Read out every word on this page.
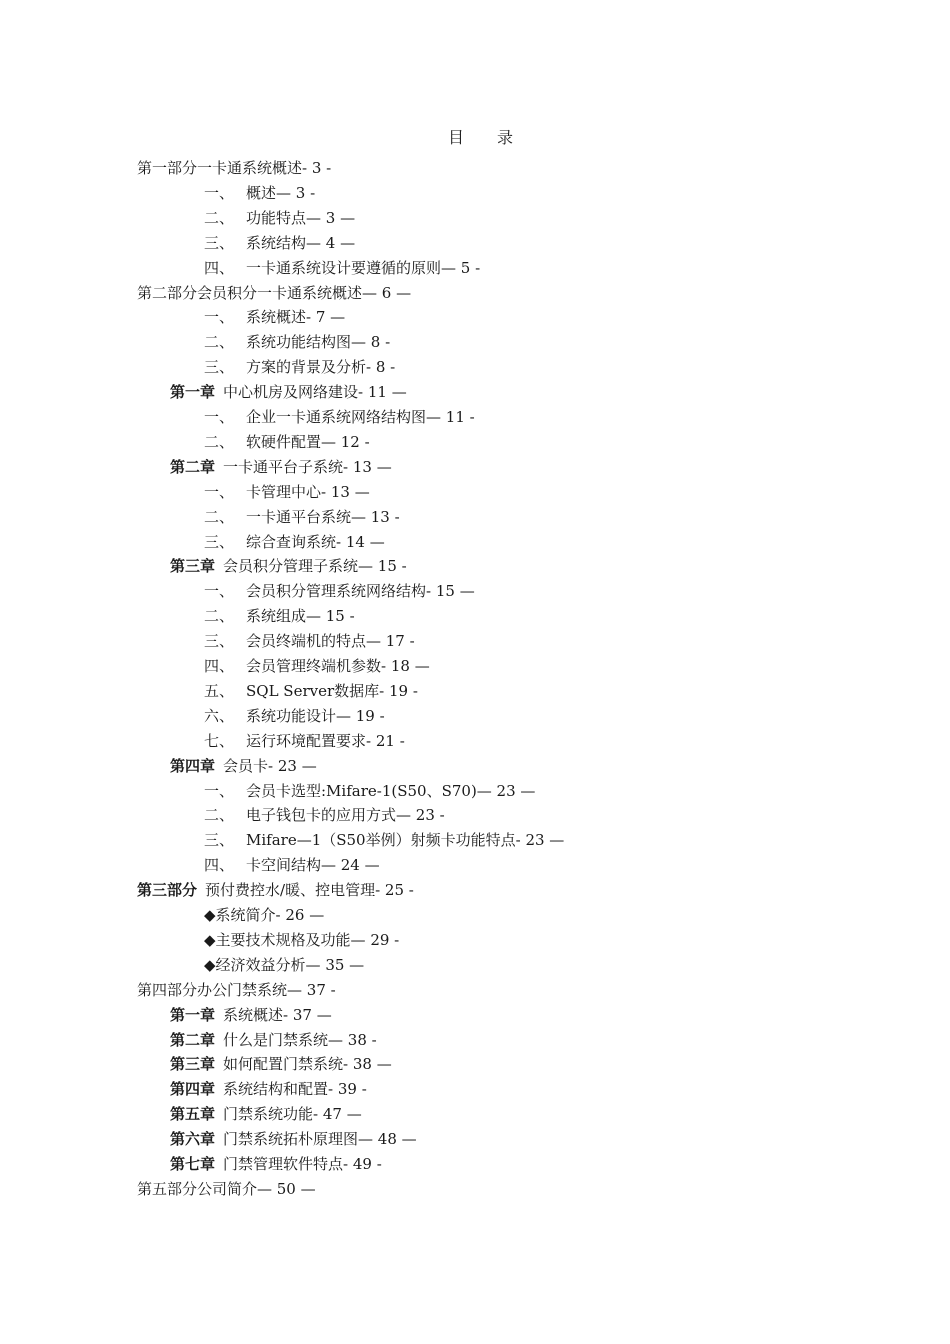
目 录
第一部分一卡通系统概述- 3 -
一、 概述— 3 -
二、 功能特点— 3 —
三、 系统结构— 4 —
四、 一卡通系统设计要遵循的原则— 5 -
第二部分会员积分一卡通系统概述— 6 —
一、 系统概述- 7 —
二、 系统功能结构图— 8 -
三、 方案的背景及分析- 8 -
第一章 中心机房及网络建设- 11 —
一、 企业一卡通系统网络结构图— 11 -
二、 软硬件配置— 12 -
第二章 一卡通平台子系统- 13 —
一、 卡管理中心- 13 —
二、 一卡通平台系统— 13 -
三、 综合查询系统- 14 —
第三章 会员积分管理子系统— 15 -
一、 会员积分管理系统网络结构- 15 —
二、 系统组成— 15 -
三、 会员终端机的特点— 17 -
四、 会员管理终端机参数- 18 —
五、 SQL Server数据库- 19 -
六、 系统功能设计— 19 -
七、 运行环境配置要求- 21 -
第四章 会员卡- 23 —
一、 会员卡选型:Mifare-1(S50、S70)— 23 —
二、 电子钱包卡的应用方式— 23 -
三、 Mifare—1（S50举例）射频卡功能特点- 23 —
四、 卡空间结构— 24 —
第三部分 预付费控水/暖、控电管理- 25 -
◆系统简介- 26 —
◆主要技术规格及功能— 29 -
◆经济效益分析— 35 —
第四部分办公门禁系统— 37 -
第一章 系统概述- 37 —
第二章 什么是门禁系统— 38 -
第三章 如何配置门禁系统- 38 —
第四章 系统结构和配置- 39 -
第五章 门禁系统功能- 47 —
第六章 门禁系统拓朴原理图— 48 —
第七章 门禁管理软件特点- 49 -
第五部分公司简介— 50 —
